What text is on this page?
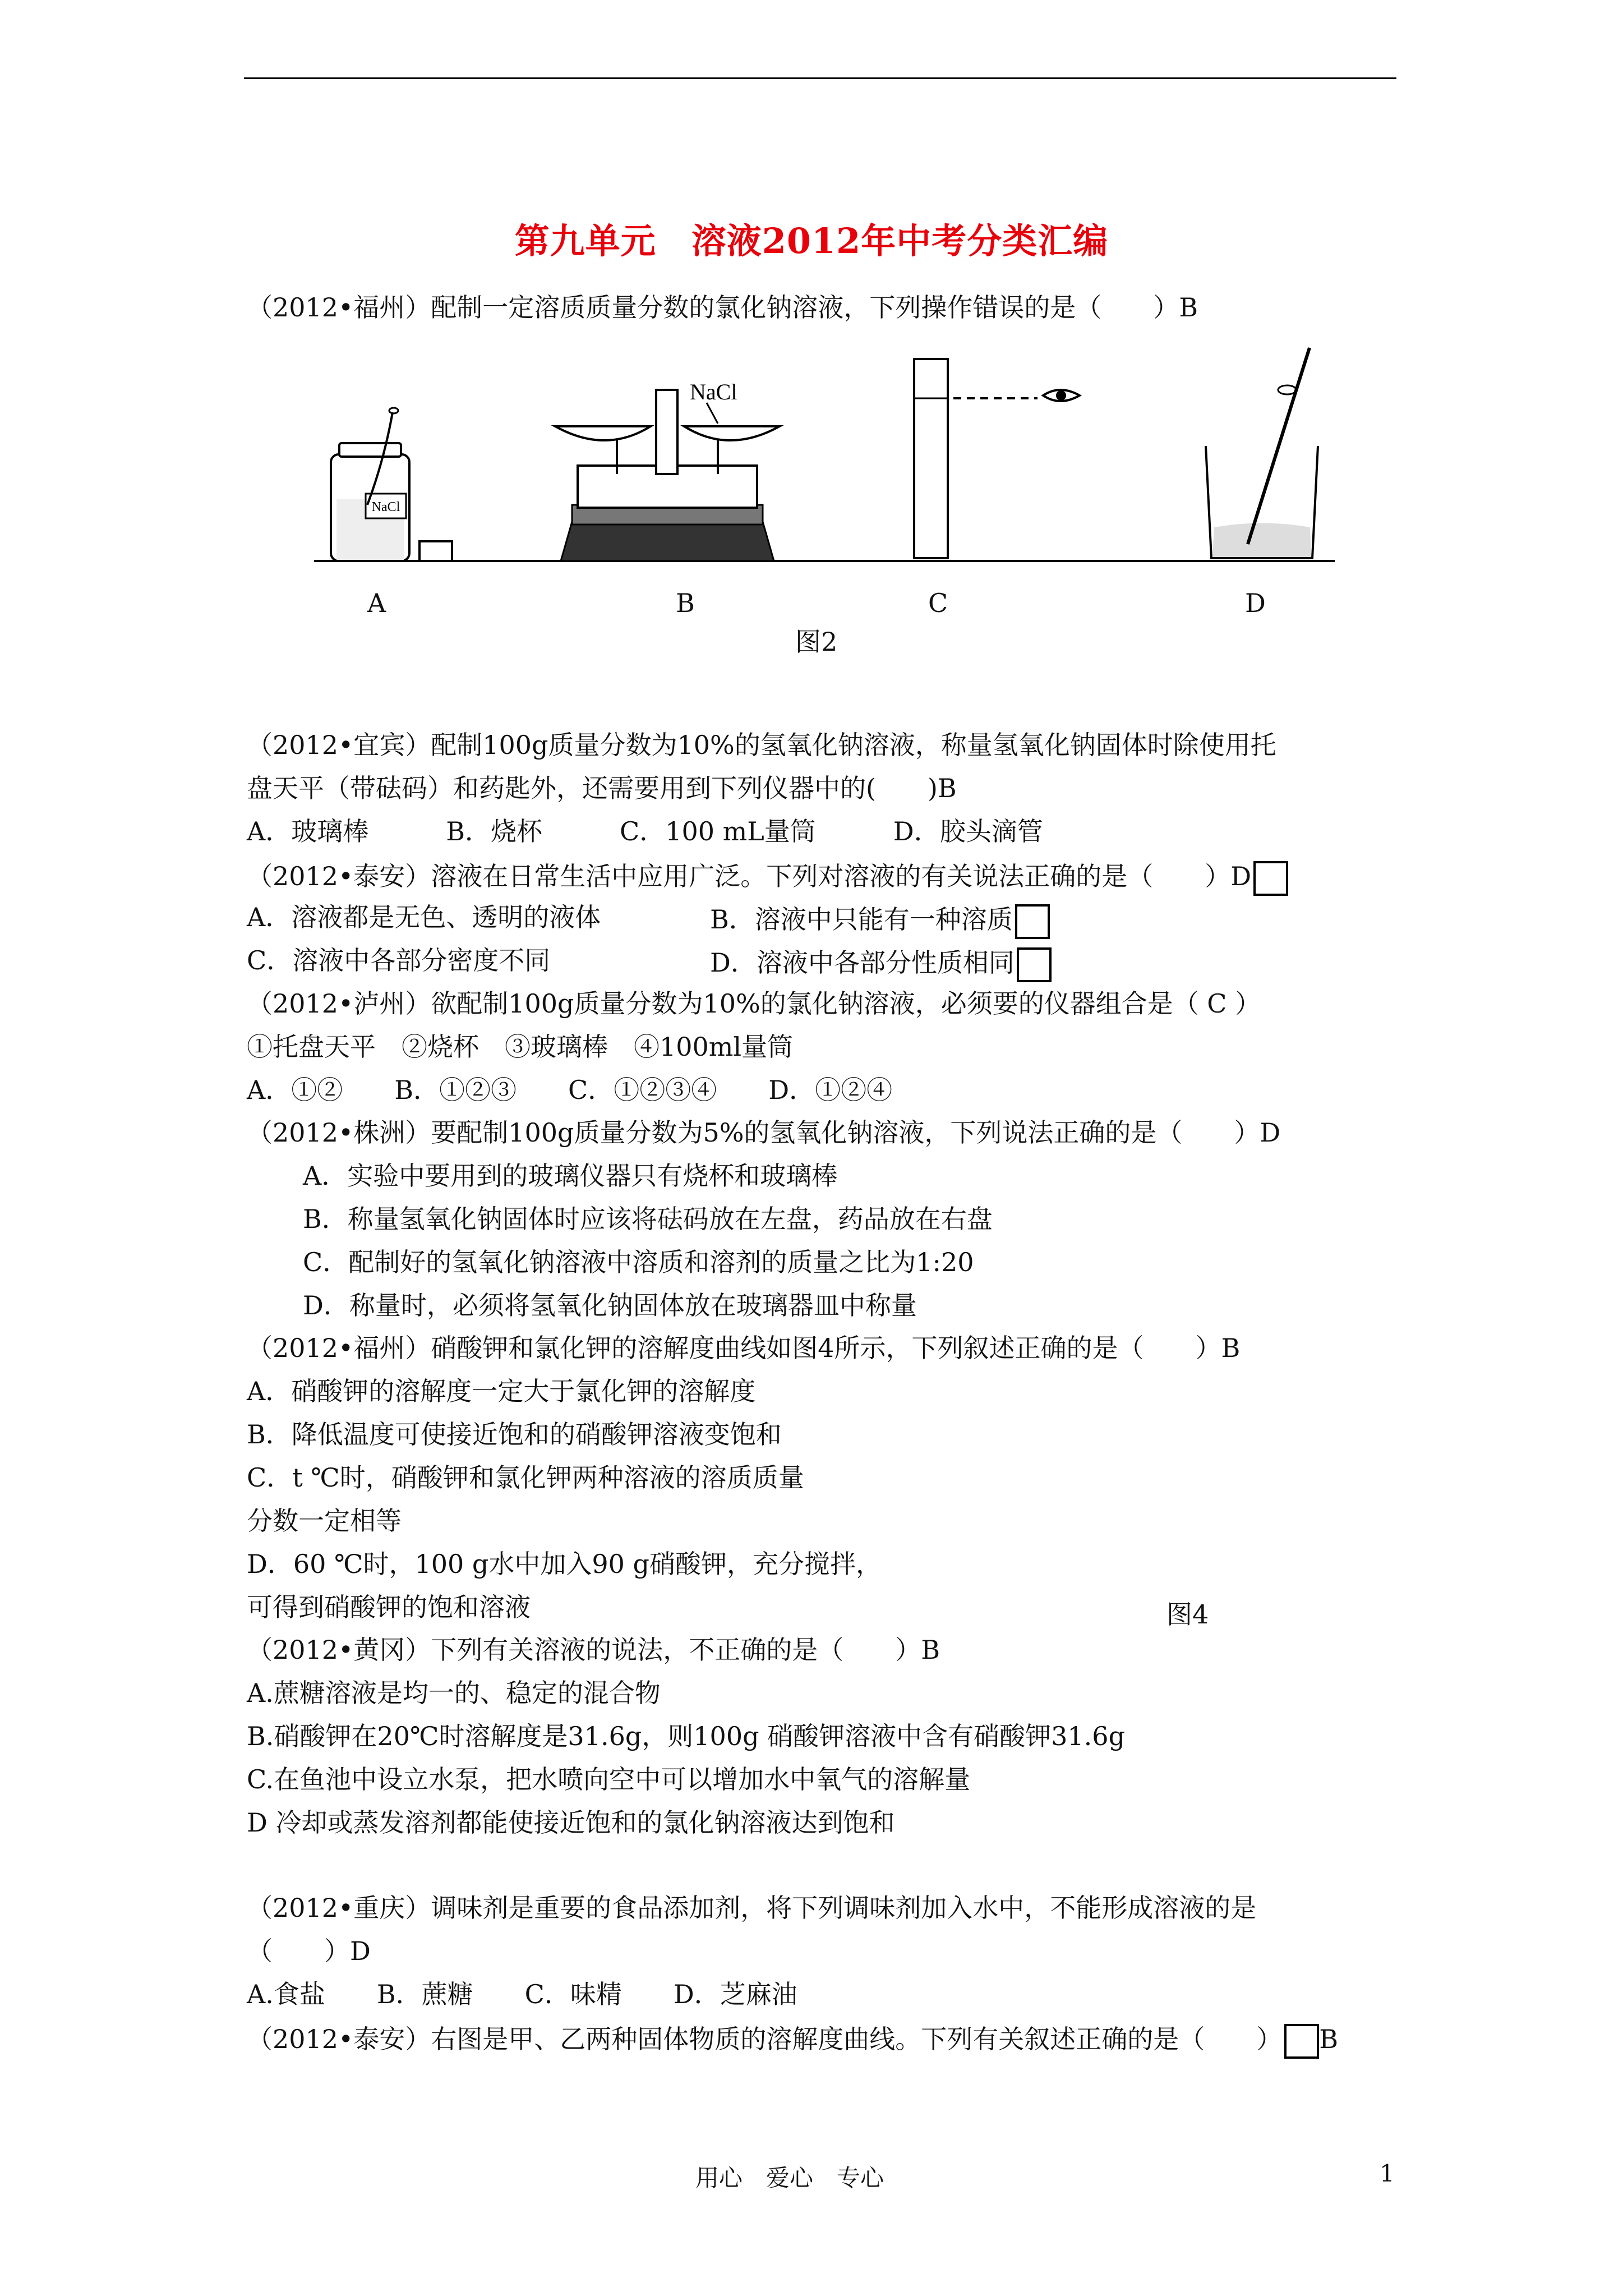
第九单元　溶液2012年中考分类汇编
（2012•福州）配制一定溶质质量分数的氯化钠溶液，下列操作错误的是（　　）B
NaCl
NaCl
A	B	C	D
图2
（2012•宜宾）配制100g质量分数为10%的氢氧化钠溶液，称量氢氧化钠固体时除使用托
盘天平（带砝码）和药匙外，还需要用到下列仪器中的(　　)B
A．玻璃棒　　　B．烧杯　　　C．100 mL量筒　　　D．胶头滴管
（2012•泰安）溶液在日常生活中应用广泛。下列对溶液的有关说法正确的是（　　）D
A．溶液都是无色、透明的液体	B．溶液中只能有一种溶质
C．溶液中各部分密度不同	D．溶液中各部分性质相同
（2012•泸州）欲配制100g质量分数为10%的氯化钠溶液，必须要的仪器组合是（ C ）
①托盘天平　②烧杯　③玻璃棒　④100ml量筒
A．①②　　B．①②③　　C．①②③④　　D．①②④
（2012•株洲）要配制100g质量分数为5%的氢氧化钠溶液，下列说法正确的是（　　）D
A．实验中要用到的玻璃仪器只有烧杯和玻璃棒
B．称量氢氧化钠固体时应该将砝码放在左盘，药品放在右盘
C．配制好的氢氧化钠溶液中溶质和溶剂的质量之比为1:20
D．称量时，必须将氢氧化钠固体放在玻璃器皿中称量
（2012•福州）硝酸钾和氯化钾的溶解度曲线如图4所示，下列叙述正确的是（　　）B
A．硝酸钾的溶解度一定大于氯化钾的溶解度
B．降低温度可使接近饱和的硝酸钾溶液变饱和
C．t ℃时，硝酸钾和氯化钾两种溶液的溶质质量
分数一定相等
D．60 ℃时，100 g水中加入90 g硝酸钾，充分搅拌，
可得到硝酸钾的饱和溶液	图4
（2012•黄冈）下列有关溶液的说法，不正确的是（　　）B
A.蔗糖溶液是均一的、稳定的混合物
B.硝酸钾在20℃时溶解度是31.6g，则100g 硝酸钾溶液中含有硝酸钾31.6g
C.在鱼池中设立水泵，把水喷向空中可以增加水中氧气的溶解量
D 冷却或蒸发溶剂都能使接近饱和的氯化钠溶液达到饱和
（2012•重庆）调味剂是重要的食品添加剂，将下列调味剂加入水中，不能形成溶液的是
（　　）D
A.食盐　　B．蔗糖　　C．味精　　D．芝麻油
（2012•泰安）右图是甲、乙两种固体物质的溶解度曲线。下列有关叙述正确的是（　　） B
用心　爱心　专心	1
